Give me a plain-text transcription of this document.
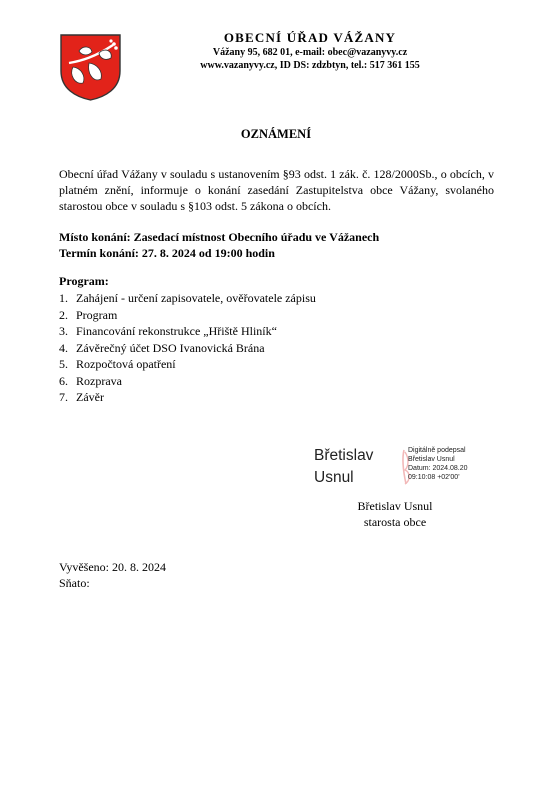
OBECNÍ ÚŘAD VÁŽANY
Vážany 95, 682 01, e-mail: obec@vazanyvy.cz
www.vazanyvy.cz, ID DS: zdzbtyn, tel.: 517 361 155
OZNÁMENÍ
Obecní úřad Vážany v souladu s ustanovením §93 odst. 1 zák. č. 128/2000Sb., o obcích, v platném znění, informuje o konání zasedání Zastupitelstva obce Vážany, svolaného starostou obce v souladu s §103 odst. 5 zákona o obcích.
Místo konání: Zasedací místnost Obecního úřadu ve Vážanech
Termín konání: 27. 8. 2024 od 19:00 hodin
Program:
1. Zahájení - určení zapisovatele, ověřovatele zápisu
2. Program
3. Financování rekonstrukce „Hřiště Hliník“
4. Závěrečný účet DSO Ivanovická Brána
5. Rozpočtová opatření
6. Rozprava
7. Závěr
Břetislav
Usnul
Digitálně podepsal
Břetislav Usnul
Datum: 2024.08.20
09:10:08 +02'00'
Břetislav Usnul
starosta obce
Vyvěšeno: 20. 8. 2024
Sňato:
